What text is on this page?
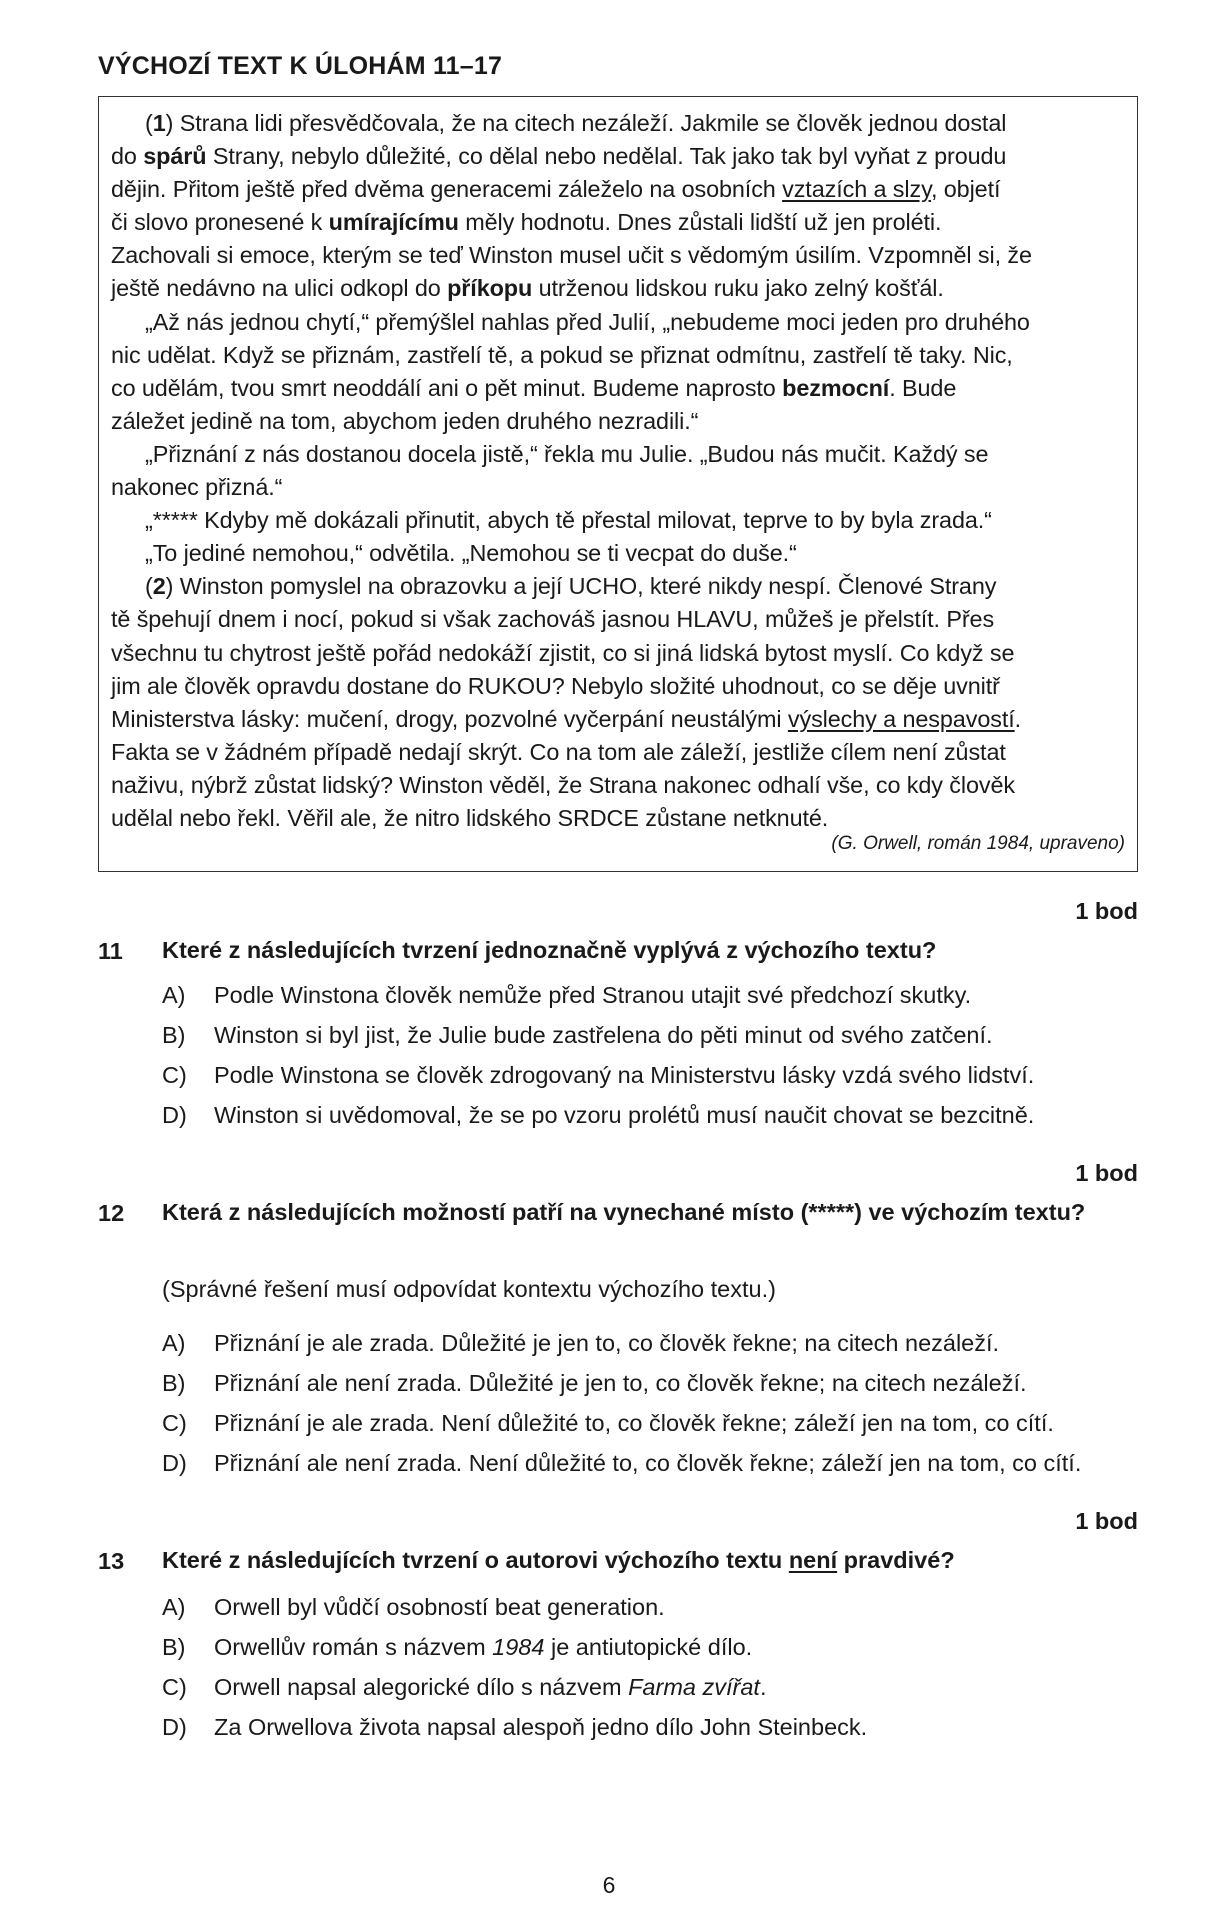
VÝCHOZÍ TEXT K ÚLOHÁM 11–17

(1) Strana lidi přesvědčovala, že na citech nezáleží. Jakmile se člověk jednou dostal

do spárů Strany, nebylo důležité, co dělal nebo nedělal. Tak jako tak byl vyňat z proudu

dějin. Přitom ještě před dvěma generacemi záleželo na osobních vztazích a slzy, objetí

či slovo pronesené k umírajícímu měly hodnotu. Dnes zůstali lidští už jen proléti.

Zachovali si emoce, kterým se teď Winston musel učit s vědomým úsilím. Vzpomněl si, že

ještě nedávno na ulici odkopl do příkopu utrženou lidskou ruku jako zelný košťál.

„Až nás jednou chytí,“ přemýšlel nahlas před Julií, „nebudeme moci jeden pro druhého

nic udělat. Když se přiznám, zastřelí tě, a pokud se přiznat odmítnu, zastřelí tě taky. Nic,

co udělám, tvou smrt neoddálí ani o pět minut. Budeme naprosto bezmocní. Bude

záležet jedině na tom, abychom jeden druhého nezradili.“

„Přiznání z nás dostanou docela jistě,“ řekla mu Julie. „Budou nás mučit. Každý se

nakonec přizná.“

„***** Kdyby mě dokázali přinutit, abych tě přestal milovat, teprve to by byla zrada.“

„To jediné nemohou,“ odvětila. „Nemohou se ti vecpat do duše.“

(2) Winston pomyslel na obrazovku a její UCHO, které nikdy nespí. Členové Strany

tě špehují dnem i nocí, pokud si však zachováš jasnou HLAVU, můžeš je přelstít. Přes

všechnu tu chytrost ještě pořád nedokáží zjistit, co si jiná lidská bytost myslí. Co když se

jim ale člověk opravdu dostane do RUKOU? Nebylo složité uhodnout, co se děje uvnitř

Ministerstva lásky: mučení, drogy, pozvolné vyčerpání neustálými výslechy a nespavostí.

Fakta se v žádném případě nedají skrýt. Co na tom ale záleží, jestliže cílem není zůstat

naživu, nýbrž zůstat lidský? Winston věděl, že Strana nakonec odhalí vše, co kdy člověk

udělal nebo řekl. Věřil ale, že nitro lidského SRDCE zůstane netknuté.

(G. Orwell, román 1984, upraveno)
1 bod
11 Které z následujících tvrzení jednoznačně vyplývá z výchozího textu?
A) Podle Winstona člověk nemůže před Stranou utajit své předchozí skutky.
B) Winston si byl jist, že Julie bude zastřelena do pěti minut od svého zatčení.
C) Podle Winstona se člověk zdrogovaný na Ministerstvu lásky vzdá svého lidství.
D) Winston si uvědomoval, že se po vzoru prolétů musí naučit chovat se bezcitně.
1 bod
12 Která z následujících možností patří na vynechané místo (*****) ve výchozím textu?
(Správné řešení musí odpovídat kontextu výchozího textu.)
A) Přiznání je ale zrada. Důležité je jen to, co člověk řekne; na citech nezáleží.
B) Přiznání ale není zrada. Důležité je jen to, co člověk řekne; na citech nezáleží.
C) Přiznání je ale zrada. Není důležité to, co člověk řekne; záleží jen na tom, co cítí.
D) Přiznání ale není zrada. Není důležité to, co člověk řekne; záleží jen na tom, co cítí.
1 bod
13 Které z následujících tvrzení o autorovi výchozího textu není pravdivé?
A) Orwell byl vůdčí osobností beat generation.
B) Orwellův román s názvem 1984 je antiutopické dílo.
C) Orwell napsal alegorické dílo s názvem Farma zvířat.
D) Za Orwellova života napsal alespoň jedno dílo John Steinbeck.
6
